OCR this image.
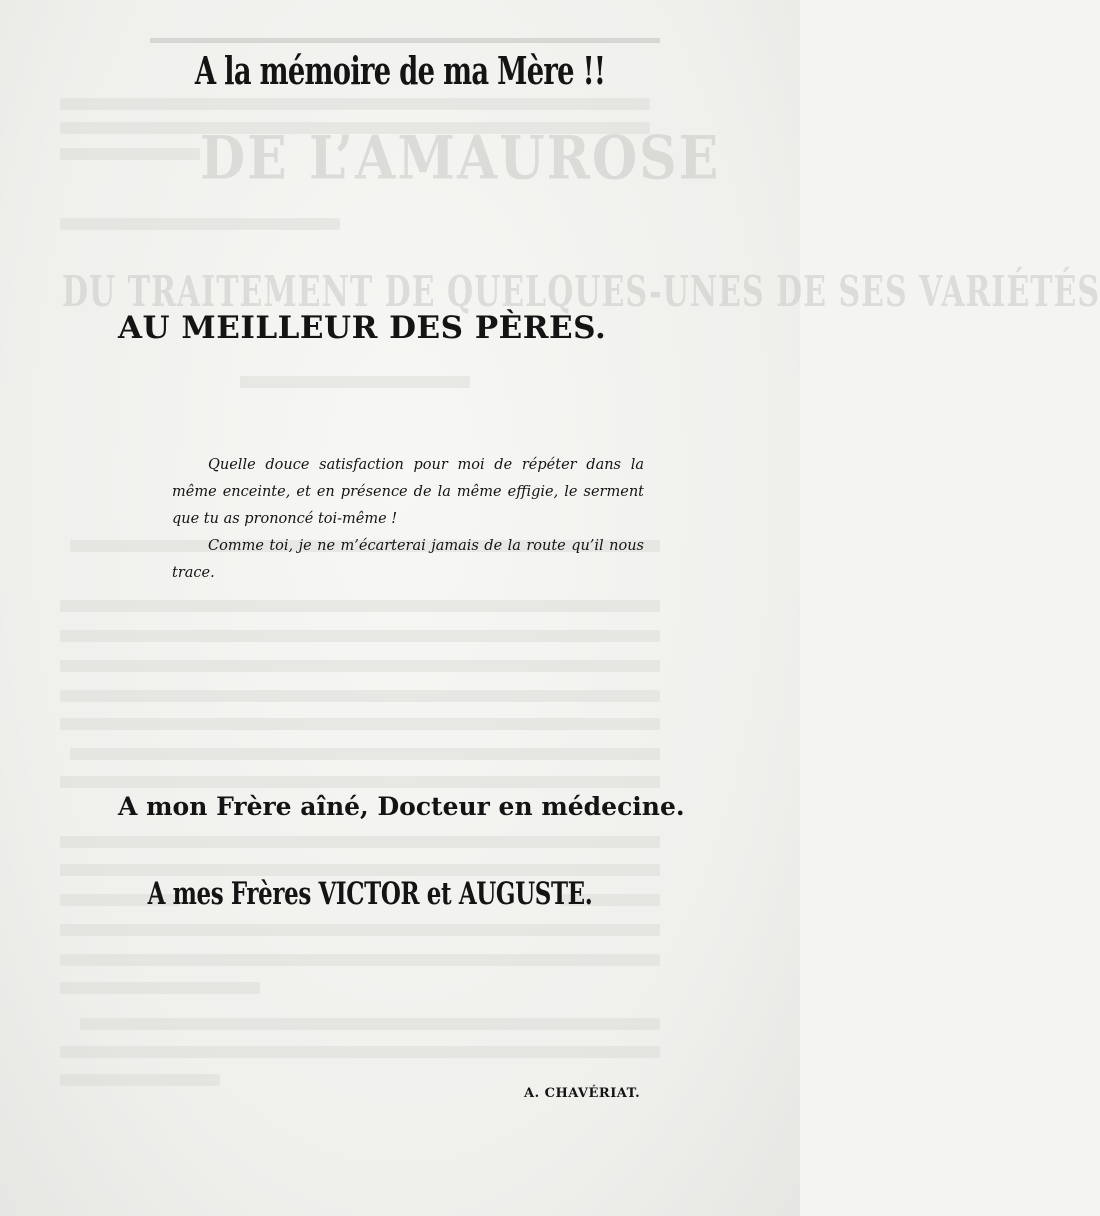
DE L’AMAUROSE
DU TRAITEMENT DE QUELQUES-UNES DE SES VARIÉTÉS
A la mémoire de ma Mère !!
AU MEILLEUR DES PÈRES.

Quelle douce satisfaction pour moi de répéter dans la même enceinte, et en présence de la même effigie, le serment que tu as prononcé toi-même !

Comme toi, je ne m’écarterai jamais de la route qu’il nous trace.

A mon Frère aîné, Docteur en médecine.
A mes Frères VICTOR et AUGUSTE.
A. CHAVÉRIAT.
